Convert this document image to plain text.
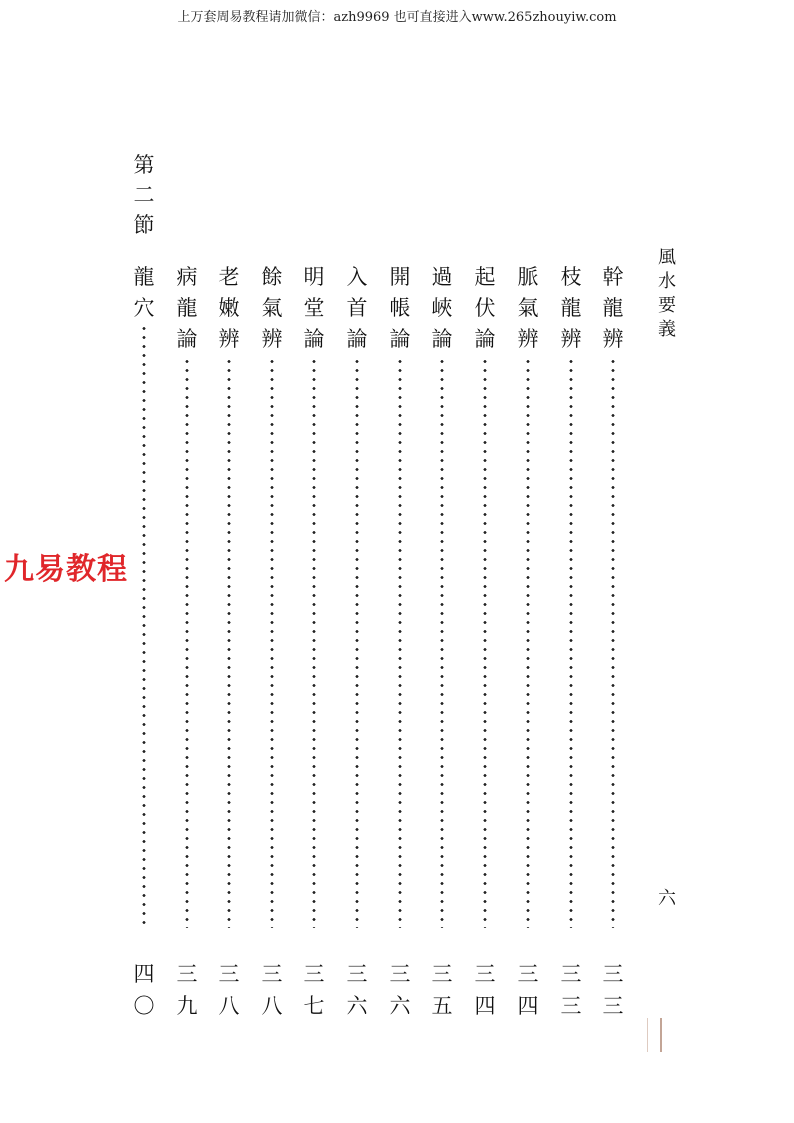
上万套周易教程请加微信：azh9969 也可直接进入www.265zhouyiw.com
風水要義
六
第二節
幹龍辨
三三
枝龍辨
三三
脈氣辨
三四
起伏論
三四
過峽論
三五
開帳論
三六
入首論
三六
明堂論
三七
餘氣辨
三八
老嫩辨
三八
病龍論
三九
龍穴
四〇
九易教程
